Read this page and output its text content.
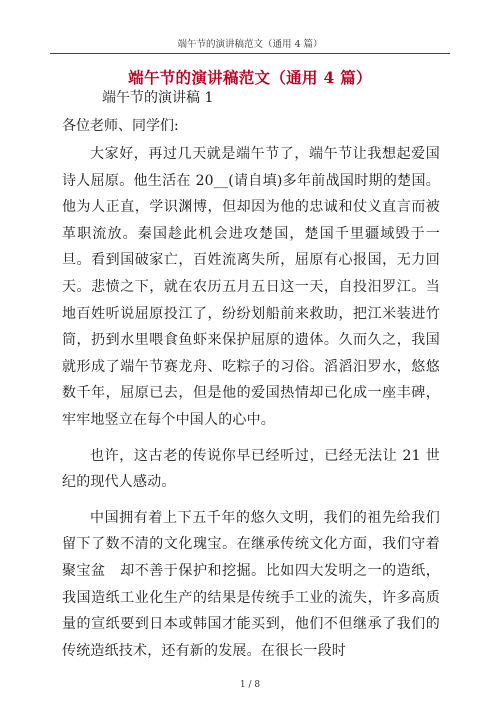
端午节的演讲稿范文（通用 4 篇）
端午节的演讲稿范文（通用 4 篇）
端午节的演讲稿 1
各位老师、同学们:

大家好，再过几天就是端午节了，端午节让我想起爱国诗人屈原。他生活在 20__(请自填)多年前战国时期的楚国。他为人正直，学识渊博，但却因为他的忠诚和仗义直言而被革职流放。秦国趁此机会进攻楚国，楚国千里疆域毁于一旦。看到国破家亡，百姓流离失所，屈原有心报国，无力回天。悲愤之下，就在农历五月五日这一天，自投汨罗江。当地百姓听说屈原投江了，纷纷划船前来救助，把江米装进竹筒，扔到水里喂食鱼虾来保护屈原的遗体。久而久之，我国就形成了端午节赛龙舟、吃粽子的习俗。滔滔汨罗水，悠悠数千年，屈原已去，但是他的爱国热情却已化成一座丰碑，牢牢地竖立在每个中国人的心中。

也许，这古老的传说你早已经听过，已经无法让 21 世纪的现代人感动。

中国拥有着上下五千年的悠久文明，我们的祖先给我们留下了数不清的文化瑰宝。在继承传统文化方面，我们守着　聚宝盆　却不善于保护和挖掘。比如四大发明之一的造纸，我国造纸工业化生产的结果是传统手工业的流失，许多高质量的宣纸要到日本或韩国才能买到，他们不但继承了我们的传统造纸技术，还有新的发展。在很长一段时

1 / 8
